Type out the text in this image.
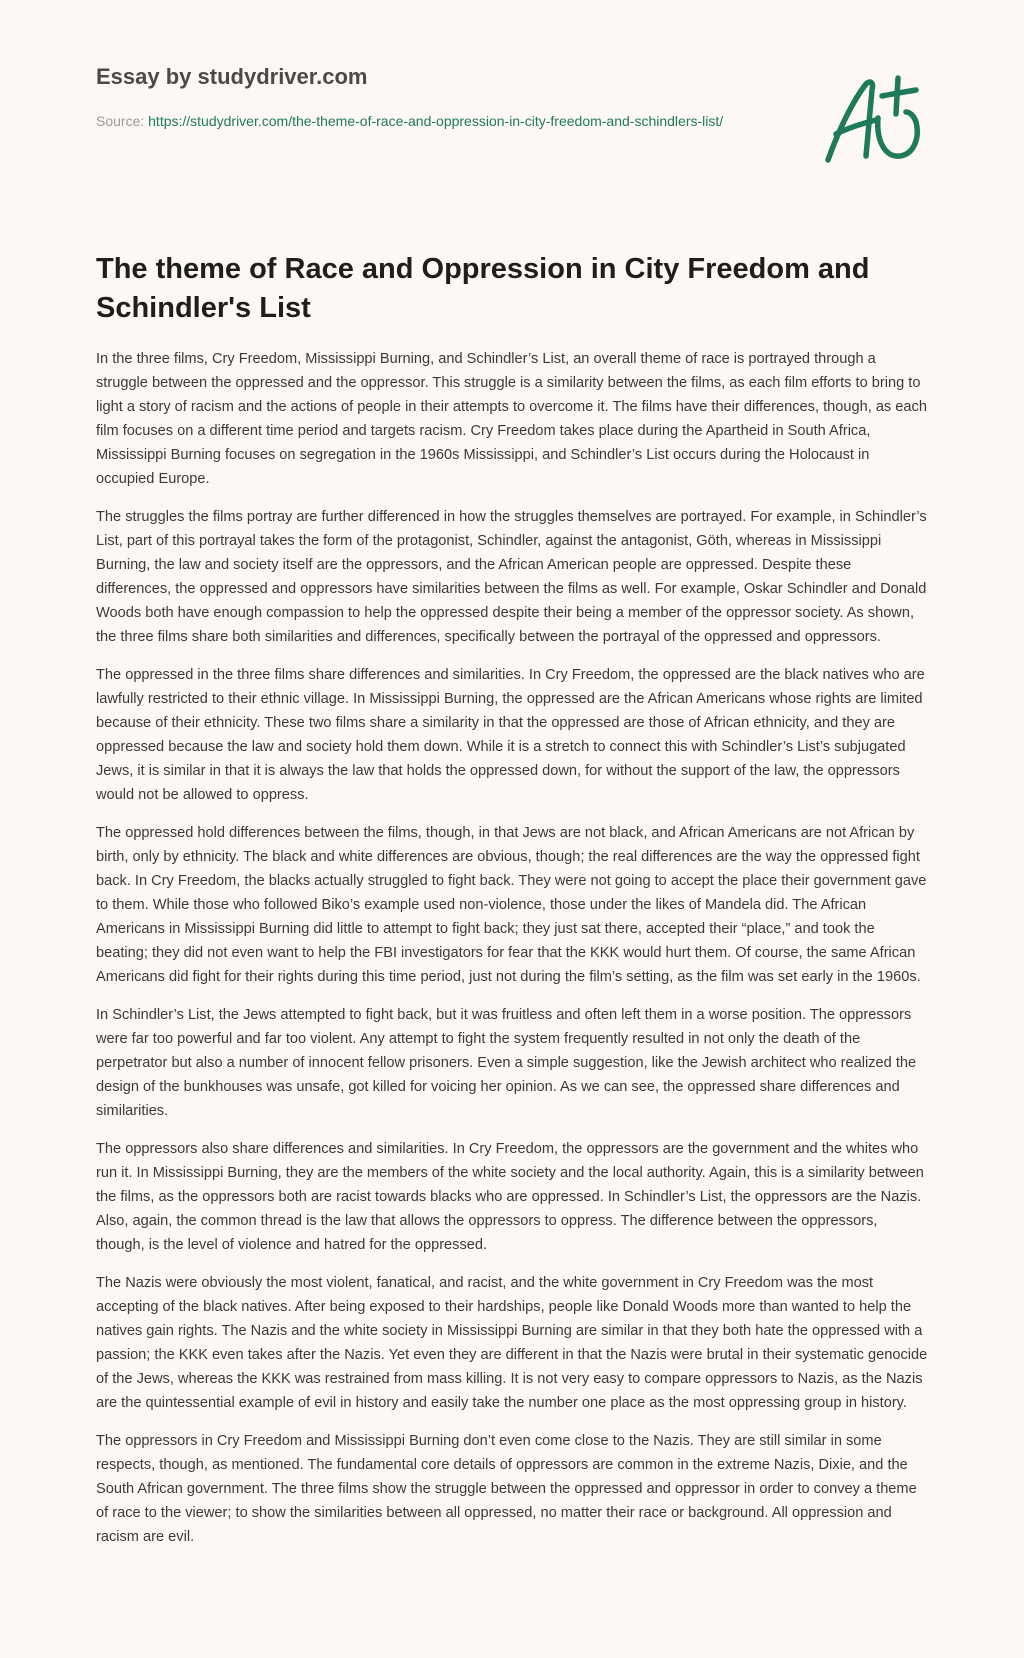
Essay by studydriver.com
Source: https://studydriver.com/the-theme-of-race-and-oppression-in-city-freedom-and-schindlers-list/
The theme of Race and Oppression in City Freedom and Schindler's List

In the three films, Cry Freedom, Mississippi Burning, and Schindler’s List, an overall theme of race is portrayed through a struggle between the oppressed and the oppressor. This struggle is a similarity between the films, as each film efforts to bring to light a story of racism and the actions of people in their attempts to overcome it. The films have their differences, though, as each film focuses on a different time period and targets racism. Cry Freedom takes place during the Apartheid in South Africa, Mississippi Burning focuses on segregation in the 1960s Mississippi, and Schindler’s List occurs during the Holocaust in occupied Europe.

The struggles the films portray are further differenced in how the struggles themselves are portrayed. For example, in Schindler’s List, part of this portrayal takes the form of the protagonist, Schindler, against the antagonist, Göth, whereas in Mississippi Burning, the law and society itself are the oppressors, and the African American people are oppressed. Despite these differences, the oppressed and oppressors have similarities between the films as well. For example, Oskar Schindler and Donald Woods both have enough compassion to help the oppressed despite their being a member of the oppressor society. As shown, the three films share both similarities and differences, specifically between the portrayal of the oppressed and oppressors.

The oppressed in the three films share differences and similarities. In Cry Freedom, the oppressed are the black natives who are lawfully restricted to their ethnic village. In Mississippi Burning, the oppressed are the African Americans whose rights are limited because of their ethnicity. These two films share a similarity in that the oppressed are those of African ethnicity, and they are oppressed because the law and society hold them down. While it is a stretch to connect this with Schindler’s List’s subjugated Jews, it is similar in that it is always the law that holds the oppressed down, for without the support of the law, the oppressors would not be allowed to oppress.

The oppressed hold differences between the films, though, in that Jews are not black, and African Americans are not African by birth, only by ethnicity. The black and white differences are obvious, though; the real differences are the way the oppressed fight back. In Cry Freedom, the blacks actually struggled to fight back. They were not going to accept the place their government gave to them. While those who followed Biko’s example used non-violence, those under the likes of Mandela did. The African Americans in Mississippi Burning did little to attempt to fight back; they just sat there, accepted their “place,” and took the beating; they did not even want to help the FBI investigators for fear that the KKK would hurt them. Of course, the same African Americans did fight for their rights during this time period, just not during the film’s setting, as the film was set early in the 1960s.

In Schindler’s List, the Jews attempted to fight back, but it was fruitless and often left them in a worse position. The oppressors were far too powerful and far too violent. Any attempt to fight the system frequently resulted in not only the death of the perpetrator but also a number of innocent fellow prisoners. Even a simple suggestion, like the Jewish architect who realized the design of the bunkhouses was unsafe, got killed for voicing her opinion. As we can see, the oppressed share differences and similarities.

The oppressors also share differences and similarities. In Cry Freedom, the oppressors are the government and the whites who run it. In Mississippi Burning, they are the members of the white society and the local authority. Again, this is a similarity between the films, as the oppressors both are racist towards blacks who are oppressed. In Schindler’s List, the oppressors are the Nazis. Also, again, the common thread is the law that allows the oppressors to oppress. The difference between the oppressors, though, is the level of violence and hatred for the oppressed.

The Nazis were obviously the most violent, fanatical, and racist, and the white government in Cry Freedom was the most accepting of the black natives. After being exposed to their hardships, people like Donald Woods more than wanted to help the natives gain rights. The Nazis and the white society in Mississippi Burning are similar in that they both hate the oppressed with a passion; the KKK even takes after the Nazis. Yet even they are different in that the Nazis were brutal in their systematic genocide of the Jews, whereas the KKK was restrained from mass killing. It is not very easy to compare oppressors to Nazis, as the Nazis are the quintessential example of evil in history and easily take the number one place as the most oppressing group in history.

The oppressors in Cry Freedom and Mississippi Burning don’t even come close to the Nazis. They are still similar in some respects, though, as mentioned. The fundamental core details of oppressors are common in the extreme Nazis, Dixie, and the South African government. The three films show the struggle between the oppressed and oppressor in order to convey a theme of race to the viewer; to show the similarities between all oppressed, no matter their race or background. All oppression and racism are evil.
